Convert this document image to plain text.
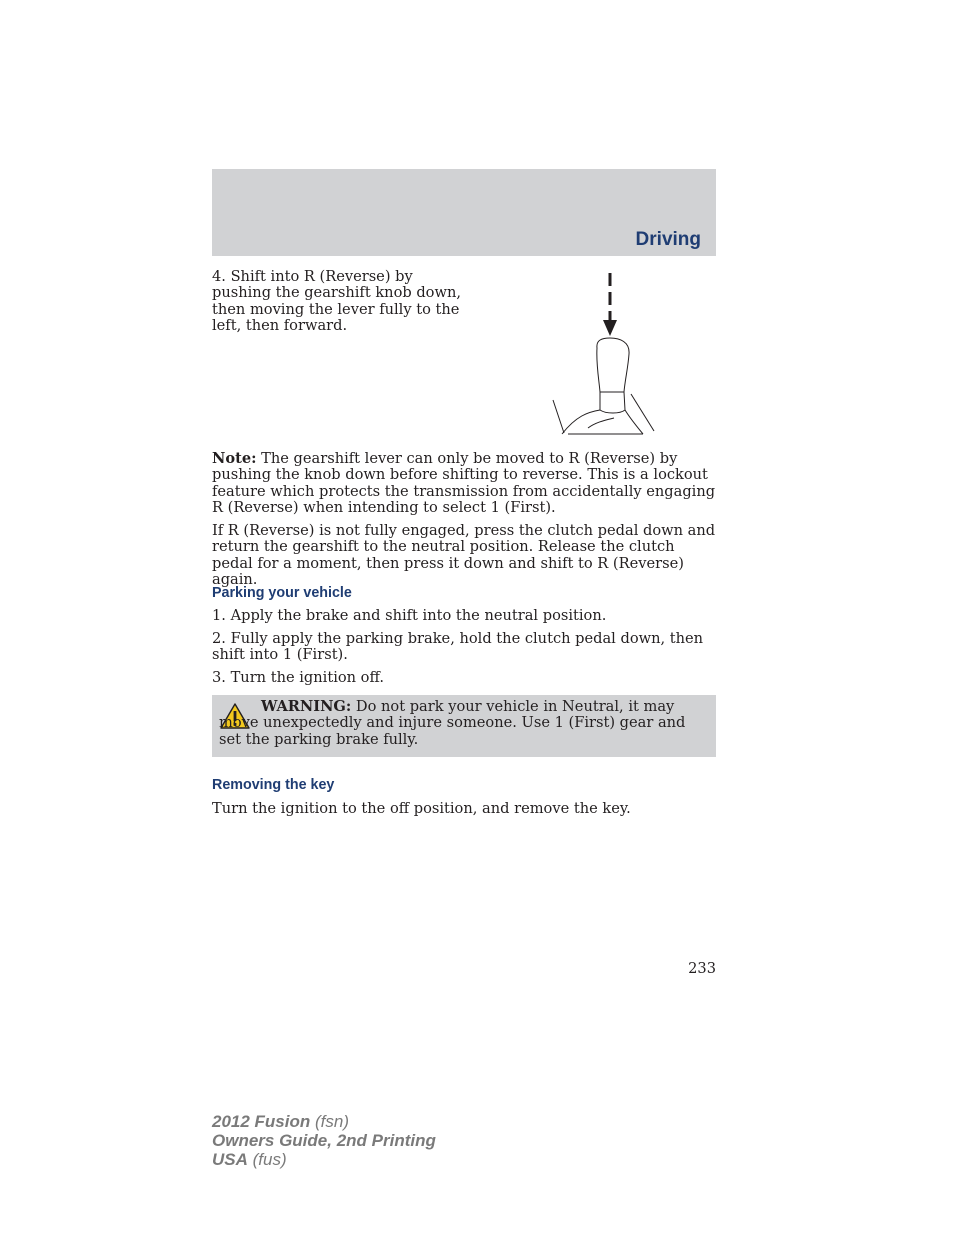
Driving

4. Shift into R (Reverse) by pushing the gearshift knob down, then moving the lever fully to the left, then forward.

Note: The gearshift lever can only be moved to R (Reverse) by pushing the knob down before shifting to reverse. This is a lockout feature which protects the transmission from accidentally engaging R (Reverse) when intending to select 1 (First).

If R (Reverse) is not fully engaged, press the clutch pedal down and return the gearshift to the neutral position. Release the clutch pedal for a moment, then press it down and shift to R (Reverse) again.

Parking your vehicle

1. Apply the brake and shift into the neutral position.

2. Fully apply the parking brake, hold the clutch pedal down, then shift into 1 (First).

3. Turn the ignition off.

WARNING: Do not park your vehicle in Neutral, it may move unexpectedly and injure someone. Use 1 (First) gear and set the parking brake fully.

Removing the key

Turn the ignition to the off position, and remove the key.

233
2012 Fusion (fsn)
Owners Guide, 2nd Printing
USA (fus)
